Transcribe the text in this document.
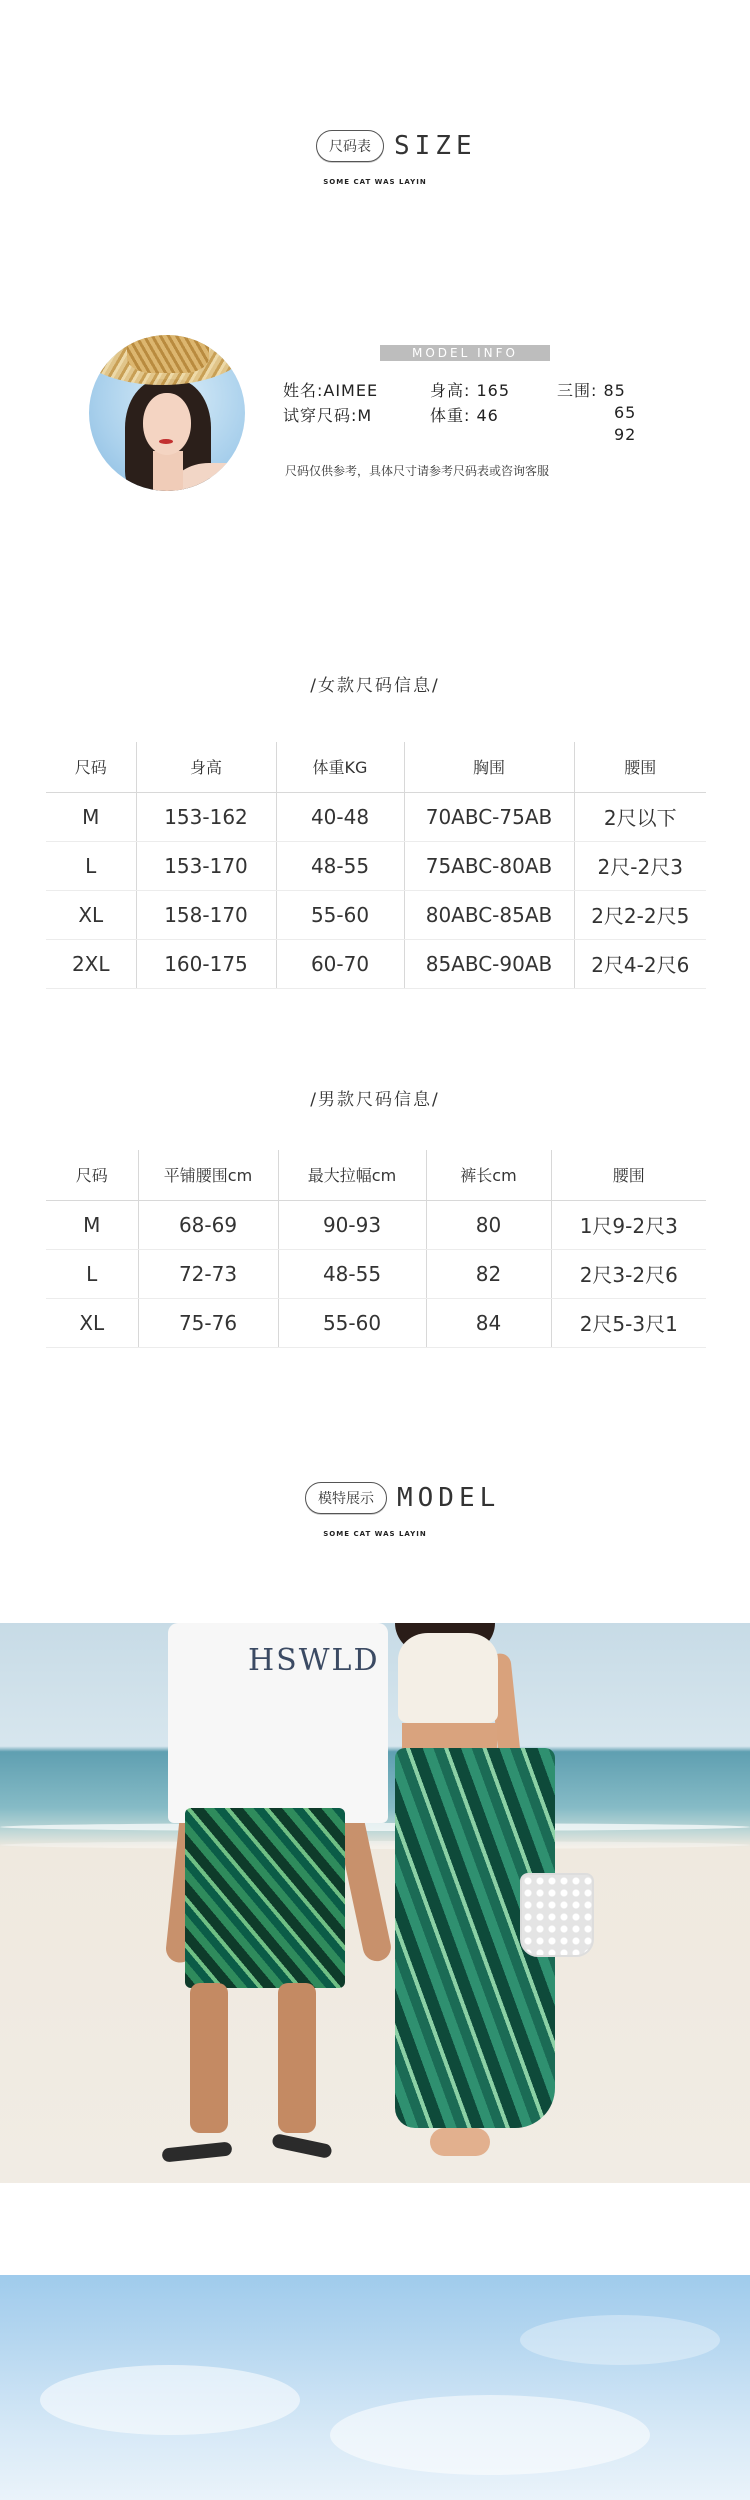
尺码表 SIZE
SOME CAT WAS LAYIN
MODEL INFO
姓名:AIMEE	身高: 165	三围: 85
试穿尺码:M	体重: 46	65
92
尺码仅供参考，具体尺寸请参考尺码表或咨询客服
/女款尺码信息/
尺码	身高	体重KG	胸围	腰围
M	153-162	40-48	70ABC-75AB	2尺以下
L	153-170	48-55	75ABC-80AB	2尺-2尺3
XL	158-170	55-60	80ABC-85AB	2尺2-2尺5
2XL	160-175	60-70	85ABC-90AB	2尺4-2尺6
/男款尺码信息/
尺码	平铺腰围cm	最大拉幅cm	裤长cm	腰围
M	68-69	90-93	80	1尺9-2尺3
L	72-73	48-55	82	2尺3-2尺6
XL	75-76	55-60	84	2尺5-3尺1
模特展示 MODEL
SOME CAT WAS LAYIN
HSWLD
